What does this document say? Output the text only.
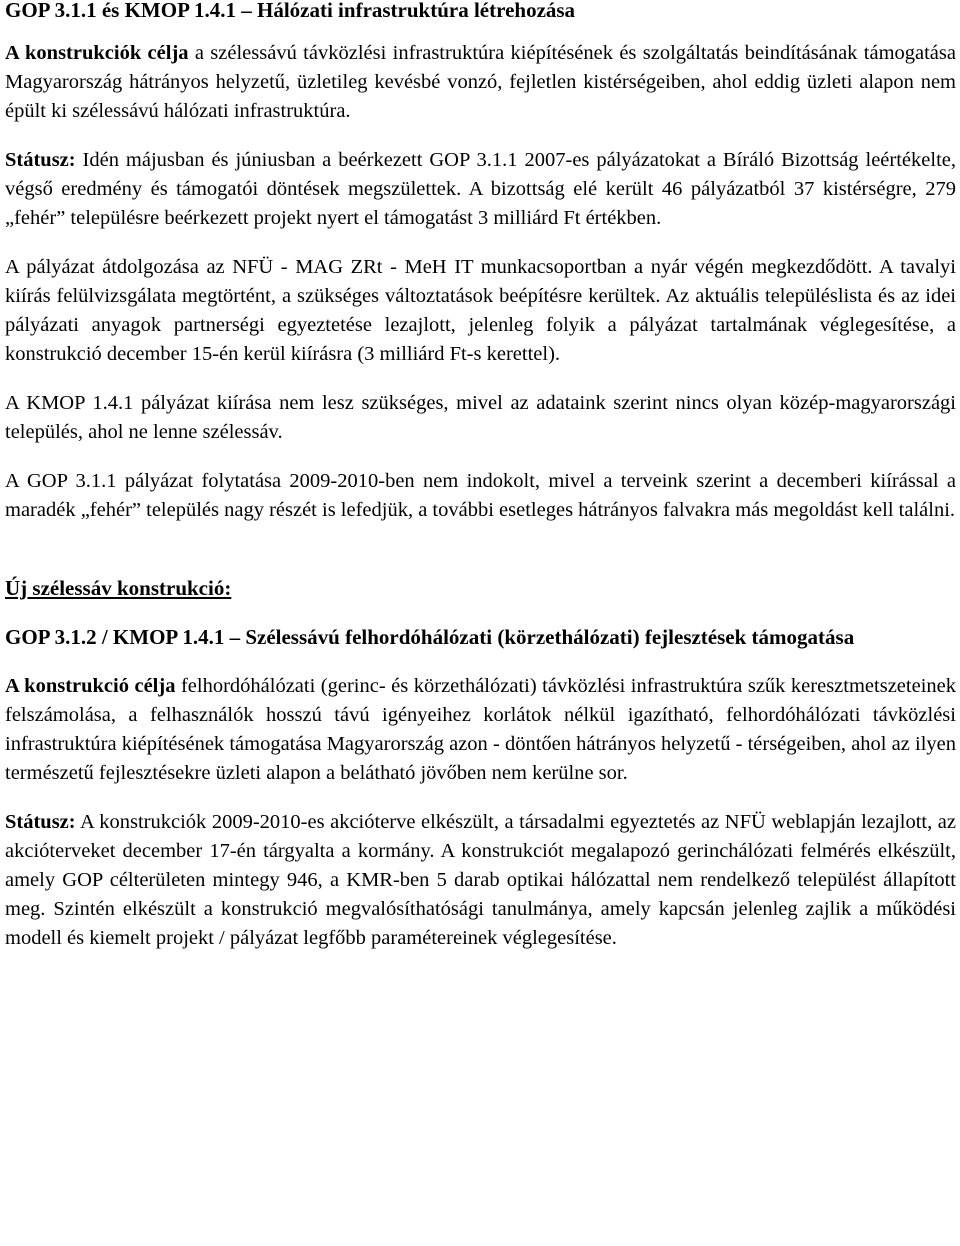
GOP 3.1.1 és KMOP 1.4.1 – Hálózati infrastruktúra létrehozása

A konstrukciók célja a szélessávú távközlési infrastruktúra kiépítésének és szolgáltatás beindításának támogatása Magyarország hátrányos helyzetű, üzletileg kevésbé vonzó, fejletlen kistérségeiben, ahol eddig üzleti alapon nem épült ki szélessávú hálózati infrastruktúra.

Státusz: Idén májusban és júniusban a beérkezett GOP 3.1.1 2007-es pályázatokat a Bíráló Bizottság leértékelte, végső eredmény és támogatói döntések megszülettek. A bizottság elé került 46 pályázatból 37 kistérségre, 279 „fehér” településre beérkezett projekt nyert el támogatást 3 milliárd Ft értékben.

A pályázat átdolgozása az NFÜ - MAG ZRt - MeH IT munkacsoportban a nyár végén megkezdődött. A tavalyi kiírás felülvizsgálata megtörtént, a szükséges változtatások beépítésre kerültek. Az aktuális településlista és az idei pályázati anyagok partnerségi egyeztetése lezajlott, jelenleg folyik a pályázat tartalmának véglegesítése, a konstrukció december 15-én kerül kiírásra (3 milliárd Ft-s kerettel).

A KMOP 1.4.1 pályázat kiírása nem lesz szükséges, mivel az adataink szerint nincs olyan közép-magyarországi település, ahol ne lenne szélessáv.

A GOP 3.1.1 pályázat folytatása 2009-2010-ben nem indokolt, mivel a terveink szerint a decemberi kiírással a maradék „fehér” település nagy részét is lefedjük, a további esetleges hátrányos falvakra más megoldást kell találni.

Új szélessáv konstrukció:

GOP 3.1.2 / KMOP 1.4.1 – Szélessávú felhordóhálózati (körzethálózati) fejlesztések támogatása

A konstrukció célja felhordóhálózati (gerinc- és körzethálózati) távközlési infrastruktúra szűk keresztmetszeteinek felszámolása, a felhasználók hosszú távú igényeihez korlátok nélkül igazítható, felhordóhálózati távközlési infrastruktúra kiépítésének támogatása Magyarország azon - döntően hátrányos helyzetű - térségeiben, ahol az ilyen természetű fejlesztésekre üzleti alapon a belátható jövőben nem kerülne sor.

Státusz: A konstrukciók 2009-2010-es akcióterve elkészült, a társadalmi egyeztetés az NFÜ weblapján lezajlott, az akcióterveket december 17-én tárgyalta a kormány. A konstrukciót megalapozó gerinchálózati felmérés elkészült, amely GOP célterületen mintegy 946, a KMR-ben 5 darab optikai hálózattal nem rendelkező települést állapított meg. Szintén elkészült a konstrukció megvalósíthatósági tanulmánya, amely kapcsán jelenleg zajlik a működési modell és kiemelt projekt / pályázat legfőbb paramétereinek véglegesítése.
